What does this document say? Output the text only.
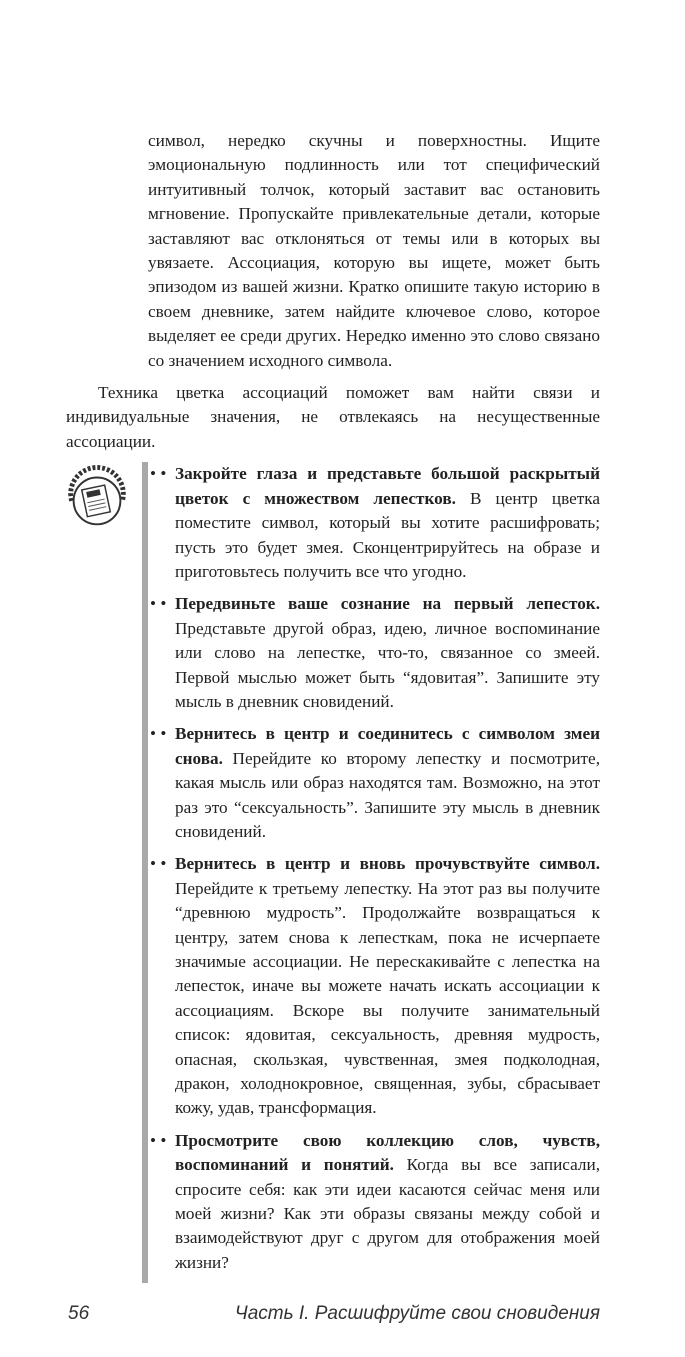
символ, нередко скучны и поверхностны. Ищите эмоциональную подлинность или тот специфический интуитивный толчок, который заставит вас остановить мгновение. Пропускайте привлекательные детали, которые заставляют вас отклоняться от темы или в которых вы увязаете. Ассоциация, которую вы ищете, может быть эпизодом из вашей жизни. Кратко опишите такую историю в своем дневнике, затем найдите ключевое слово, которое выделяет ее среди других. Нередко именно это слово связано со значением исходного символа.

Техника цветка ассоциаций поможет вам найти связи и индивидуальные значения, не отвлекаясь на несущественные ассоциации.

• • Закройте глаза и представьте большой раскрытый цветок с множеством лепестков. В центр цветка поместите символ, который вы хотите расшифровать; пусть это будет змея. Сконцентрируйтесь на образе и приготовьтесь получить все что угодно.
• • Передвиньте ваше сознание на первый лепесток. Представьте другой образ, идею, личное воспоминание или слово на лепестке, что-то, связанное со змеей. Первой мыслью может быть “ядовитая”. Запишите эту мысль в дневник сновидений.
• • Вернитесь в центр и соединитесь с символом змеи снова. Перейдите ко второму лепестку и посмотрите, какая мысль или образ находятся там. Возможно, на этот раз это “сексуальность”. Запишите эту мысль в дневник сновидений.
• • Вернитесь в центр и вновь прочувствуйте символ. Перейдите к третьему лепестку. На этот раз вы получите “древнюю мудрость”. Продолжайте возвращаться к центру, затем снова к лепесткам, пока не исчерпаете значимые ассоциации. Не перескакивайте с лепестка на лепесток, иначе вы можете начать искать ассоциации к ассоциациям. Вскоре вы получите занимательный список: ядовитая, сексуальность, древняя мудрость, опасная, скользкая, чувственная, змея подколодная, дракон, холоднокровное, священная, зубы, сбрасывает кожу, удав, трансформация.
• • Просмотрите свою коллекцию слов, чувств, воспоминаний и понятий. Когда вы все записали, спросите себя: как эти идеи касаются сейчас меня или моей жизни? Как эти образы связаны между собой и взаимодействуют друг с другом для отображения моей жизни?
56	Часть I. Расшифруйте свои сновидения
